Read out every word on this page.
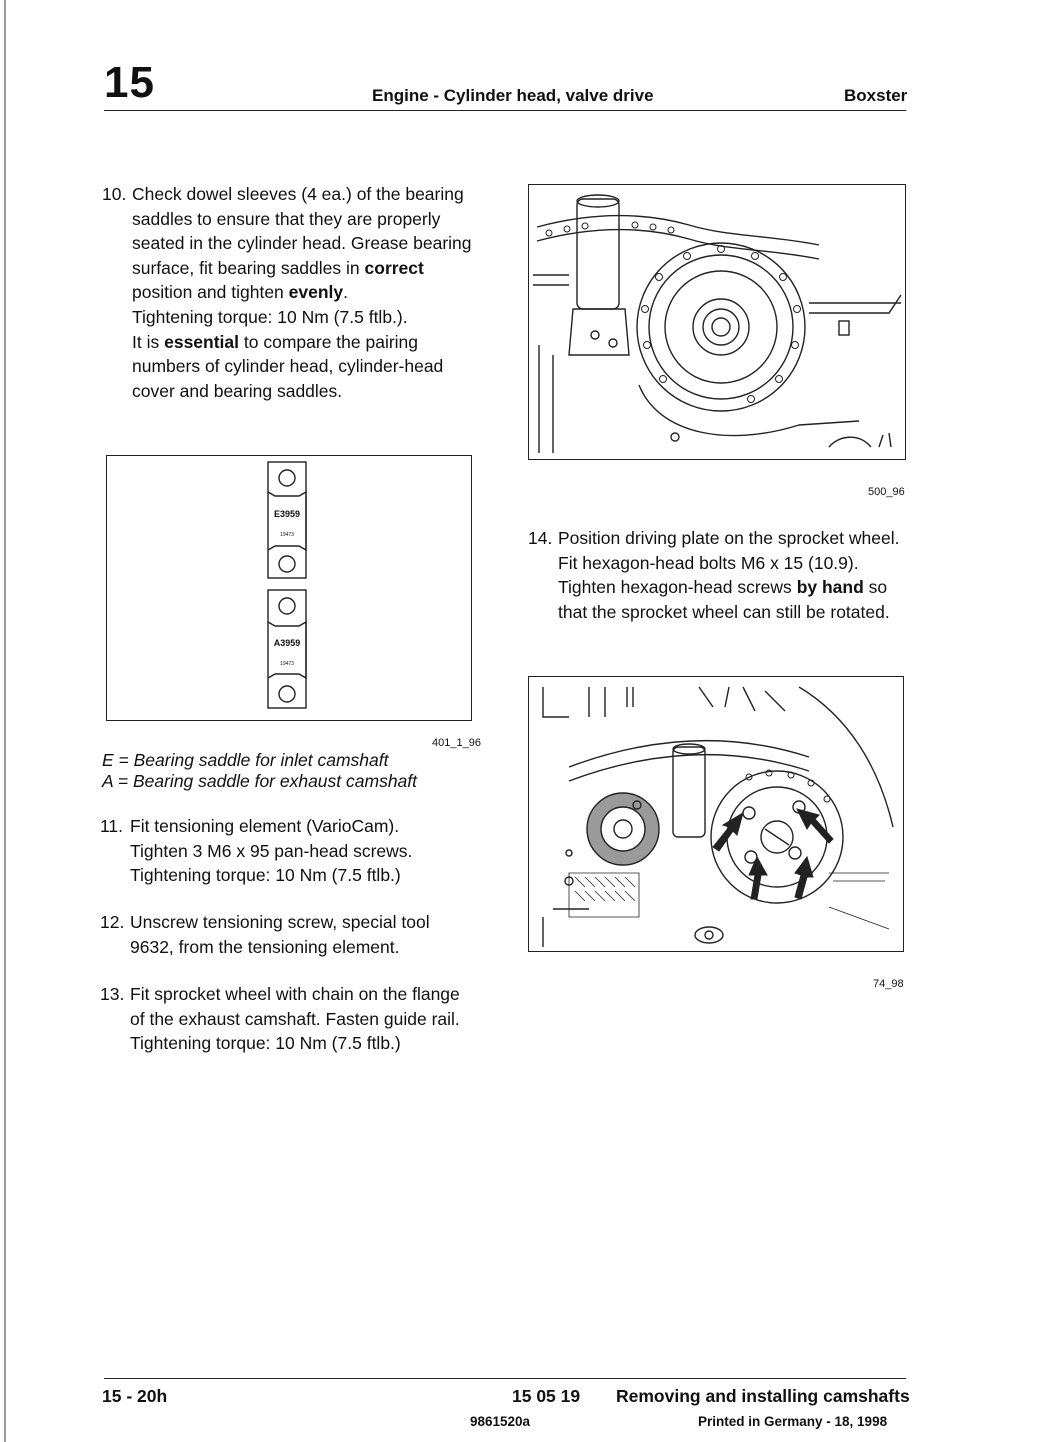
15	Engine - Cylinder head, valve drive	Boxster
10. Check dowel sleeves (4 ea.) of the bearing

saddles to ensure that they are properly

seated in the cylinder head. Grease bearing

surface, fit bearing saddles in correct

position and tighten evenly.

Tightening torque: 10 Nm (7.5 ftlb.).

It is essential to compare the pairing

numbers of cylinder head, cylinder-head

cover and bearing saddles.

500_96
E3959
19473
A3959
19473
401_1_96

E = Bearing saddle for inlet camshaft

A = Bearing saddle for exhaust camshaft

14. Position driving plate on the sprocket wheel.

Fit hexagon-head bolts M6 x 15 (10.9).

Tighten hexagon-head screws by hand so

that the sprocket wheel can still be rotated.

74_98
11. Fit tensioning element (VarioCam).

Tighten 3 M6 x 95 pan-head screws.

Tightening torque: 10 Nm (7.5 ftlb.)

12. Unscrew tensioning screw, special tool

9632, from the tensioning element.

13. Fit sprocket wheel with chain on the flange

of the exhaust camshaft. Fasten guide rail.

Tightening torque: 10 Nm (7.5 ftlb.)

15 - 20h	15 05 19 Removing and installing camshafts
9861520a	Printed in Germany - 18, 1998
